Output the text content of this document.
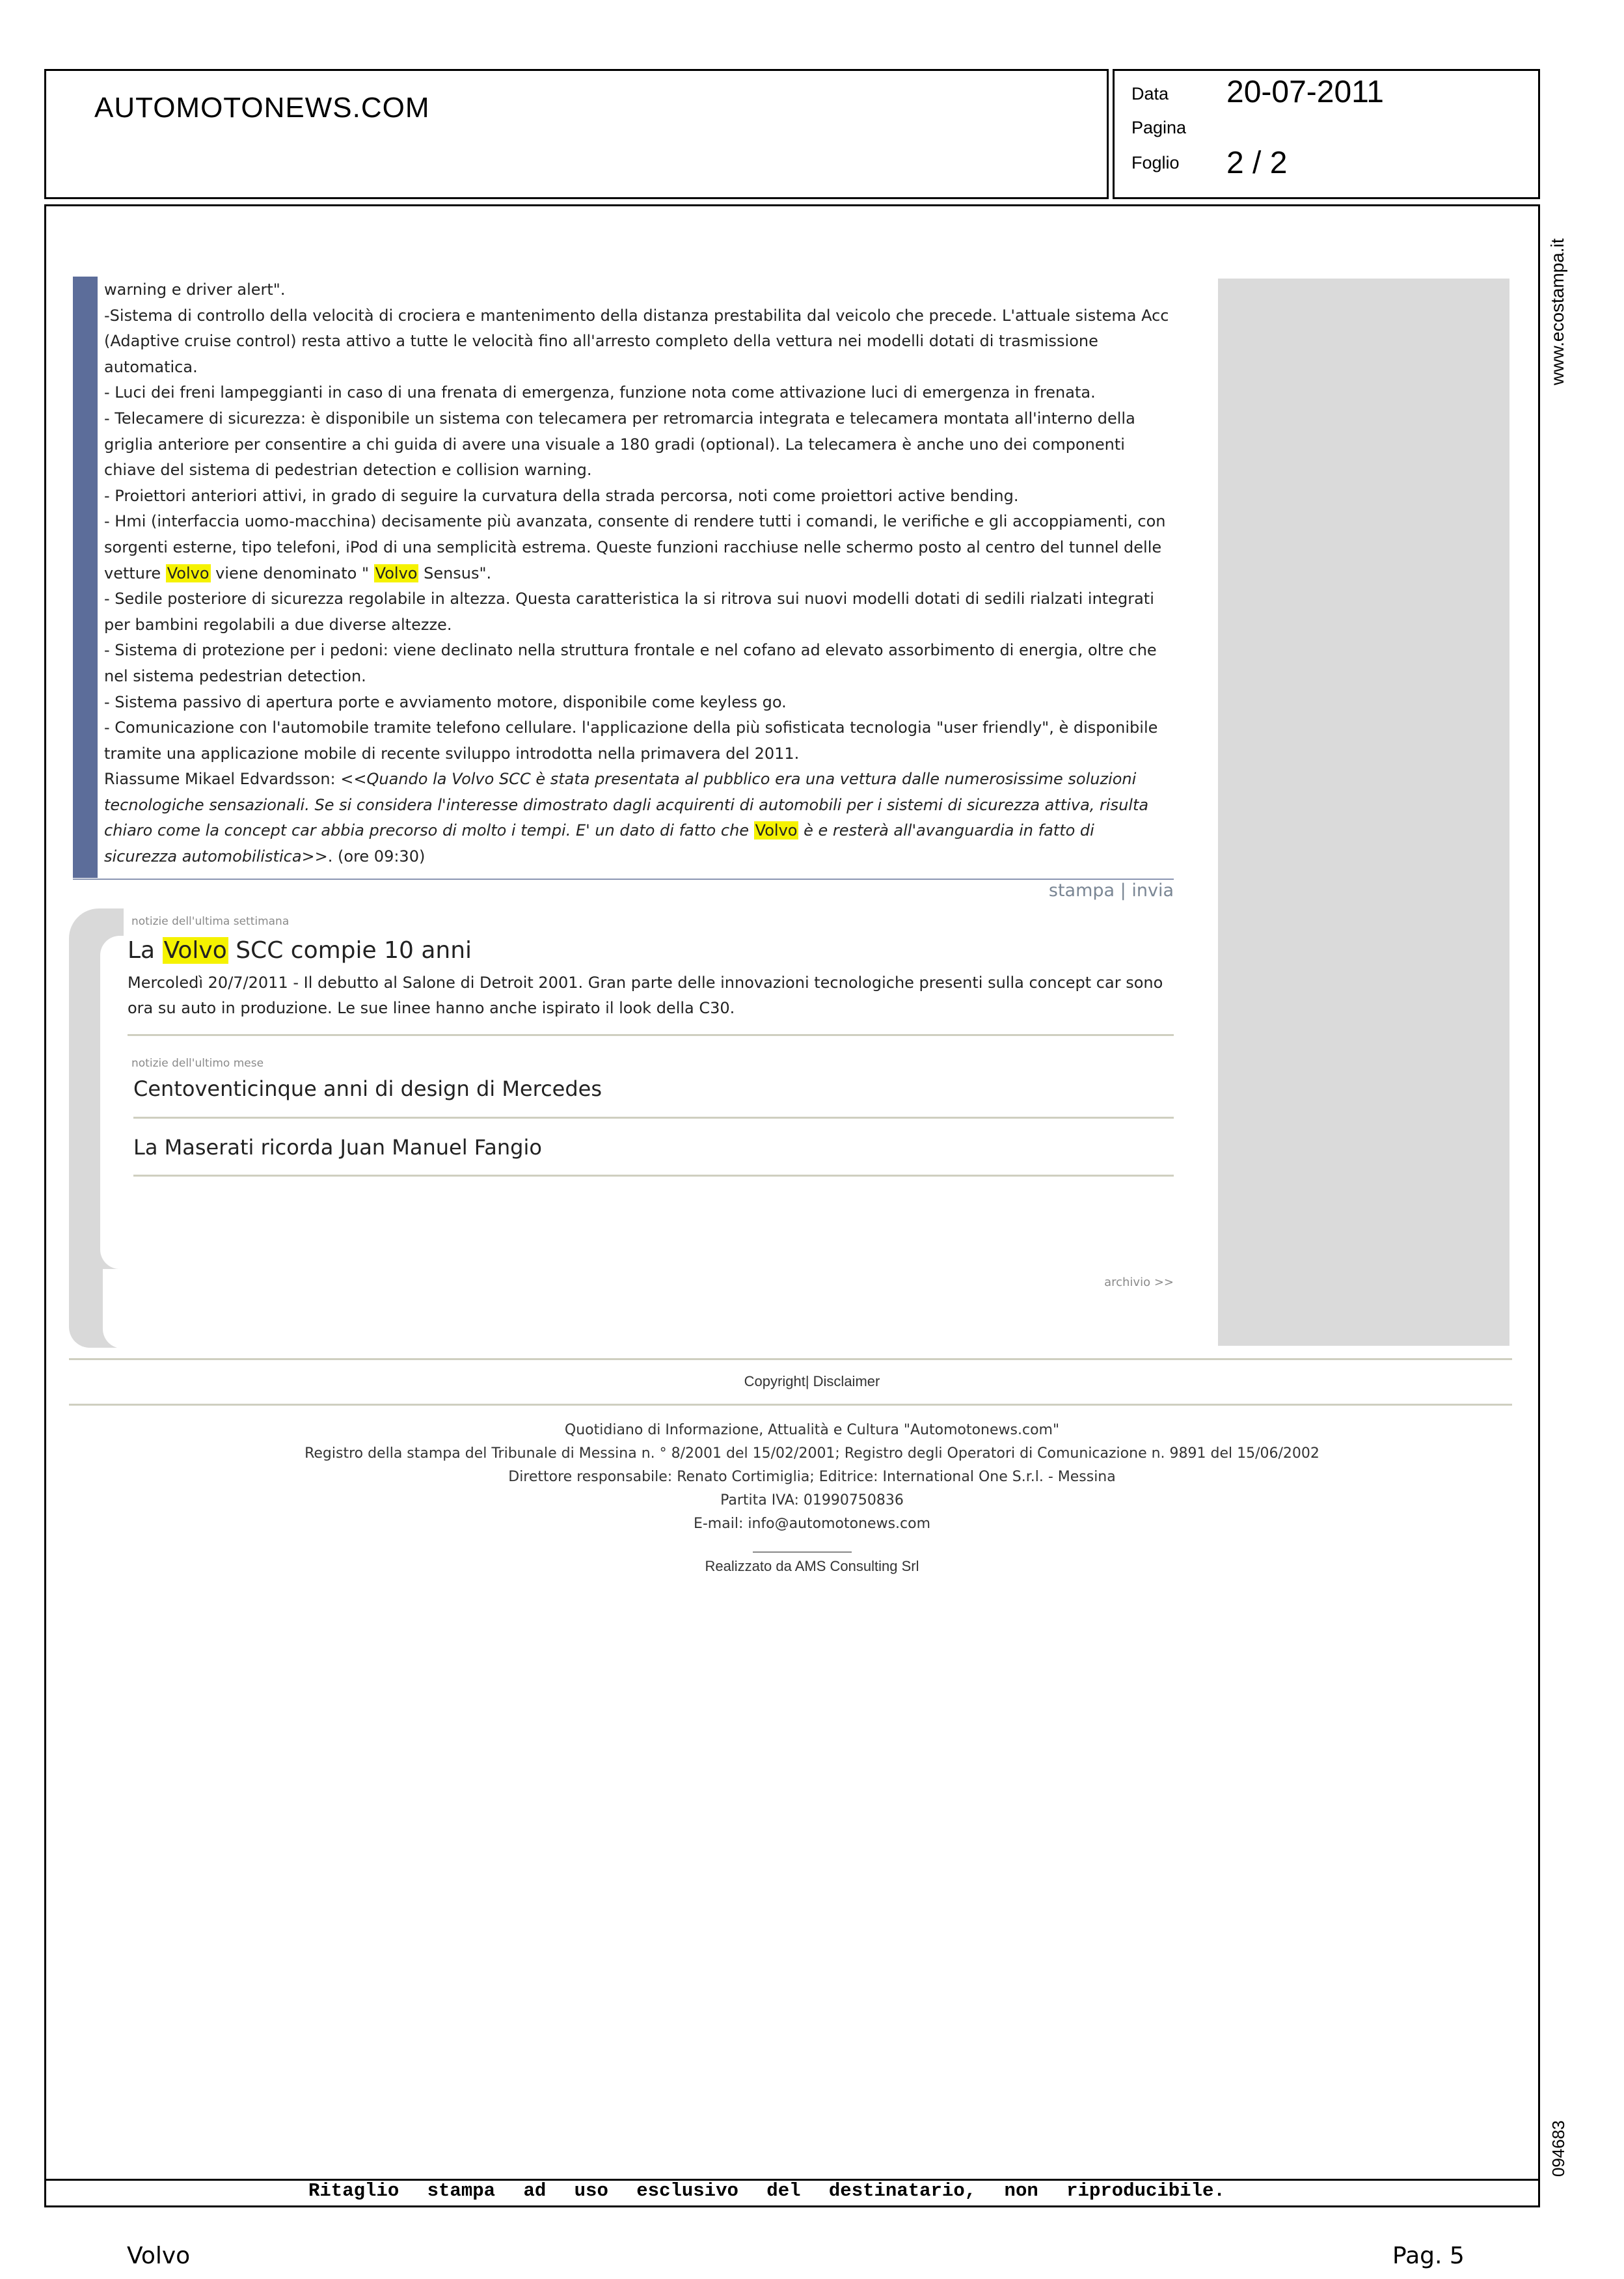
AUTOMOTONEWS.COM	Data 20-07-2011
Pagina
Foglio 2 / 2
www.ecostampa.it
094683

warning e driver alert".

-Sistema di controllo della velocità di crociera e mantenimento della distanza prestabilita dal veicolo che precede. L'attuale sistema Acc (Adaptive cruise control) resta attivo a tutte le velocità fino all'arresto completo della vettura nei modelli dotati di trasmissione automatica.

- Luci dei freni lampeggianti in caso di una frenata di emergenza, funzione nota come attivazione luci di emergenza in frenata.

- Telecamere di sicurezza: è disponibile un sistema con telecamera per retromarcia integrata e telecamera montata all'interno della griglia anteriore per consentire a chi guida di avere una visuale a 180 gradi (optional). La telecamera è anche uno dei componenti chiave del sistema di pedestrian detection e collision warning.

- Proiettori anteriori attivi, in grado di seguire la curvatura della strada percorsa, noti come proiettori active bending.

- Hmi (interfaccia uomo-macchina) decisamente più avanzata, consente di rendere tutti i comandi, le verifiche e gli accoppiamenti, con sorgenti esterne, tipo telefoni, iPod di una semplicità estrema. Queste funzioni racchiuse nelle schermo posto al centro del tunnel delle vetture Volvo viene denominato " Volvo Sensus".

- Sedile posteriore di sicurezza regolabile in altezza. Questa caratteristica la si ritrova sui nuovi modelli dotati di sedili rialzati integrati per bambini regolabili a due diverse altezze.

- Sistema di protezione per i pedoni: viene declinato nella struttura frontale e nel cofano ad elevato assorbimento di energia, oltre che nel sistema pedestrian detection.

- Sistema passivo di apertura porte e avviamento motore, disponibile come keyless go.

- Comunicazione con l'automobile tramite telefono cellulare. l'applicazione della più sofisticata tecnologia "user friendly", è disponibile tramite una applicazione mobile di recente sviluppo introdotta nella primavera del 2011.

Riassume Mikael Edvardsson: <<Quando la Volvo SCC è stata presentata al pubblico era una vettura dalle numerosissime soluzioni tecnologiche sensazionali. Se si considera l'interesse dimostrato dagli acquirenti di automobili per i sistemi di sicurezza attiva, risulta chiaro come la concept car abbia precorso di molto i tempi. E' un dato di fatto che Volvo è e resterà all'avanguardia in fatto di sicurezza automobilistica>>. (ore 09:30)

stampa | invia
notizie dell'ultima settimana
La Volvo SCC compie 10 anni
Mercoledì 20/7/2011 - Il debutto al Salone di Detroit 2001. Gran parte delle innovazioni tecnologiche presenti sulla concept car sono ora su auto in produzione. Le sue linee hanno anche ispirato il look della C30.
notizie dell'ultimo mese
Centoventicinque anni di design di Mercedes
La Maserati ricorda Juan Manuel Fangio
archivio >>
Copyright| Disclaimer
Quotidiano di Informazione, Attualità e Cultura "Automotonews.com"
Registro della stampa del Tribunale di Messina n. ° 8/2001 del 15/02/2001; Registro degli Operatori di Comunicazione n. 9891 del 15/06/2002
Direttore responsabile: Renato Cortimiglia; Editrice: International One S.r.l. - Messina
Partita IVA: 01990750836
E-mail: info@automotonews.com
Realizzato da AMS Consulting Srl
Ritaglio stampa ad uso esclusivo del destinatario, non riproducibile.
Volvo	Pag. 5
